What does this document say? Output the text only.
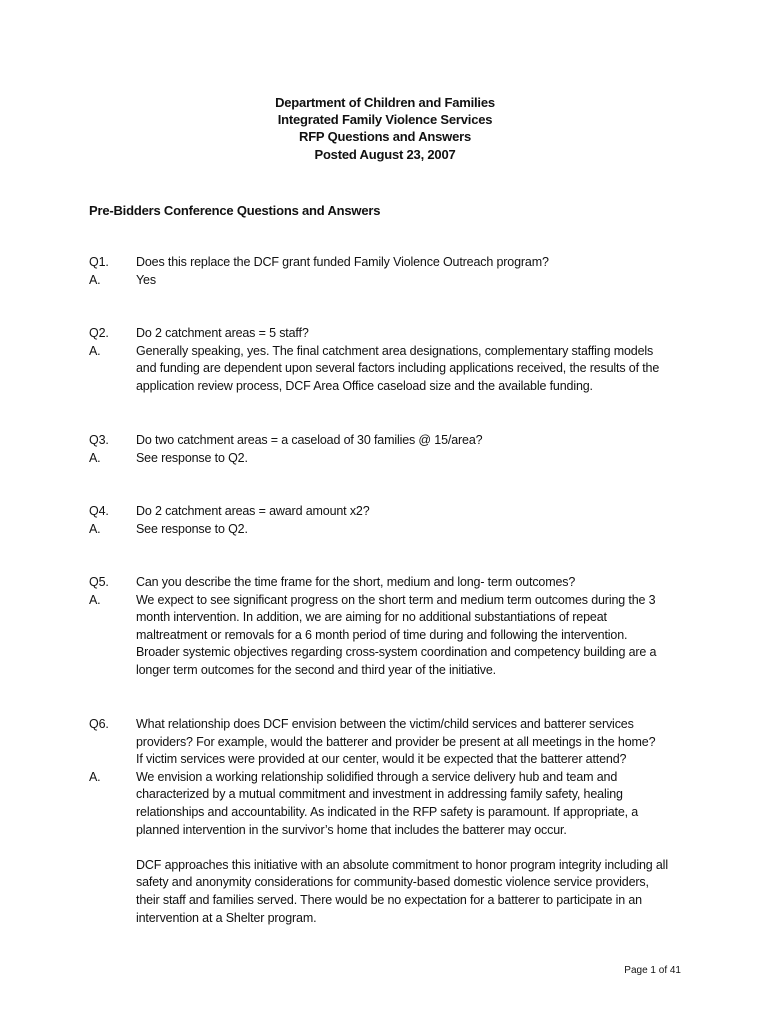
Department of Children and Families
Integrated Family Violence Services
RFP Questions and Answers
Posted August 23, 2007
Pre-Bidders Conference Questions and Answers
Q1.	Does this replace the DCF grant funded Family Violence Outreach program?
A.	Yes
Q2.	Do 2 catchment areas = 5 staff?
A.	Generally speaking, yes. The final catchment area designations, complementary staffing models
and funding are dependent upon several factors including applications received, the results of the
application review process, DCF Area Office caseload size and the available funding.
Q3.	Do two catchment areas = a caseload of 30 families @ 15/area?
A.	See response to Q2.
Q4.	Do 2 catchment areas = award amount x2?
A.	See response to Q2.
Q5.	Can you describe the time frame for the short, medium and long- term outcomes?
A.	We expect to see significant progress on the short term and medium term outcomes during the 3
month intervention. In addition, we are aiming for no additional substantiations of repeat
maltreatment or removals for a 6 month period of time during and following the intervention.
Broader systemic objectives regarding cross-system coordination and competency building are a
longer term outcomes for the second and third year of the initiative.
Q6.	What relationship does DCF envision between the victim/child services and batterer services
providers? For example, would the batterer and provider be present at all meetings in the home?
If victim services were provided at our center, would it be expected that the batterer attend?
A.	We envision a working relationship solidified through a service delivery hub and team and
characterized by a mutual commitment and investment in addressing family safety, healing
relationships and accountability. As indicated in the RFP safety is paramount. If appropriate, a
planned intervention in the survivor’s home that includes the batterer may occur.
DCF approaches this initiative with an absolute commitment to honor program integrity including all
safety and anonymity considerations for community-based domestic violence service providers,
their staff and families served. There would be no expectation for a batterer to participate in an
intervention at a Shelter program.
Page 1 of 41
